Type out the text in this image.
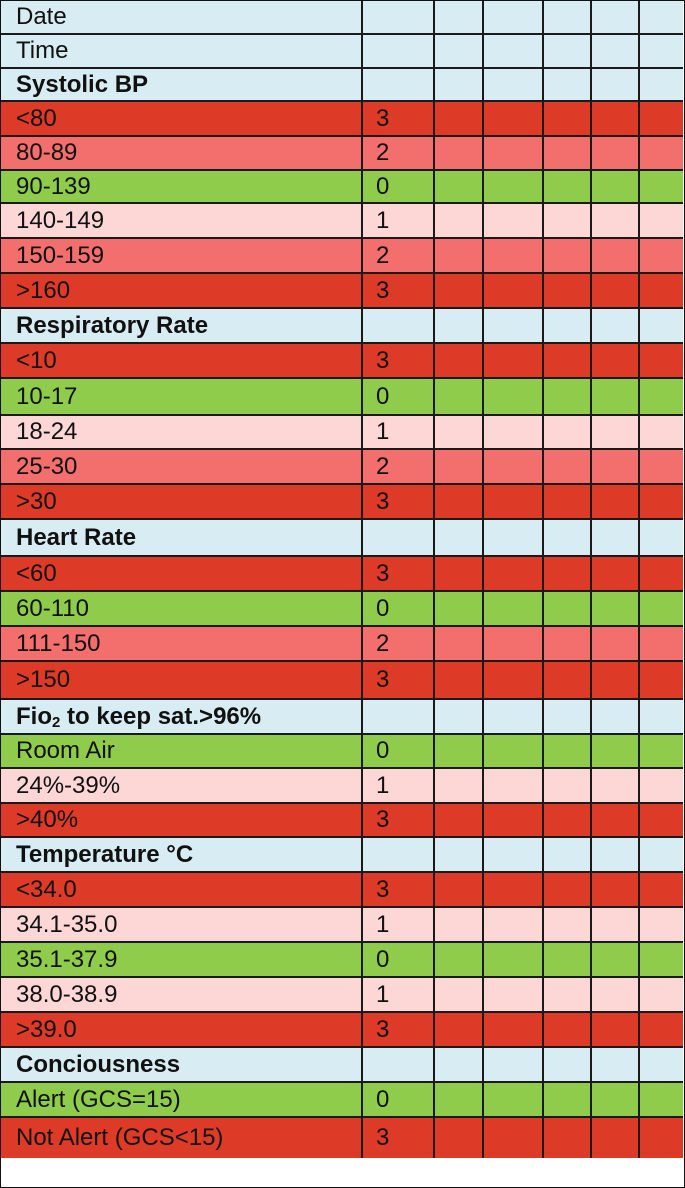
Date
Time
Systolic BP
<80	3
80-89	2
90-139	0
140-149	1
150-159	2
>160	3
Respiratory Rate
<10	3
10-17	0
18-24	1
25-30	2
>30	3
Heart Rate
<60	3
60-110	0
111-150	2
>150	3
Fio 2 to keep sat.>96%
Room Air	0
24%-39%	1
>40%	3
Temperature °C
<34.0	3
34.1-35.0	1
35.1-37.9	0
38.0-38.9	1
>39.0	3
Conciousness
Alert (GCS=15)	0
Not Alert (GCS<15)	3
